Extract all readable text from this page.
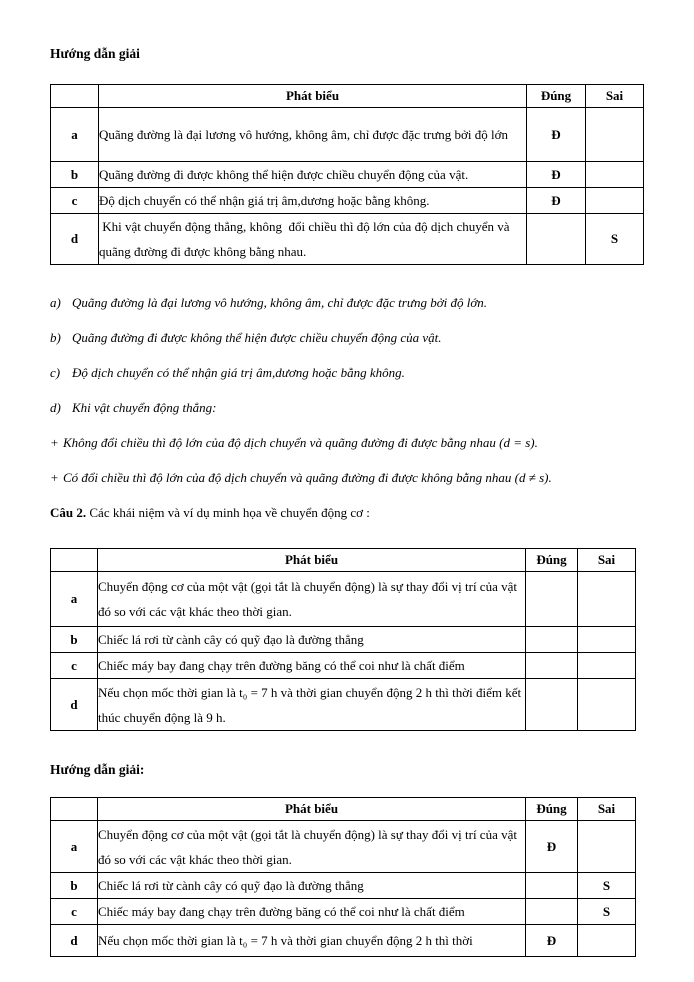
Hướng dẫn giải
	Phát biểu	Đúng	Sai
a	Quãng đường là đại lương vô hướng, không âm, chỉ được đặc trưng bởi độ lớn	Đ	
b	Quãng đường đi được không thể hiện được chiều chuyển động của vật.	Đ	
c	Độ dịch chuyển có thể nhận giá trị âm,dương hoặc bằng không.	Đ	
d	Khi vật chuyển động thẳng, không  đổi chiều thì độ lớn của độ dịch chuyển và quãng đường đi được không bằng nhau.		S
a) Quãng đường là đại lương vô hướng, không âm, chỉ được đặc trưng bởi độ lớn.
b) Quãng đường đi được không thể hiện được chiều chuyển động của vật.
c) Độ dịch chuyển có thể nhận giá trị âm,dương hoặc bằng không.
d) Khi vật chuyển động thẳng:
+ Không đổi chiều thì độ lớn của độ dịch chuyển và quãng đường đi được bằng nhau (d = s).
+ Có đổi chiều thì độ lớn của độ dịch chuyển và quãng đường đi được không bằng nhau (d ≠ s).
Câu 2. Các khái niệm và ví dụ minh họa về chuyển động cơ :
	Phát biểu	Đúng	Sai
a	Chuyển động cơ của một vật (gọi tắt là chuyển động) là sự thay đổi vị trí của vật đó so với các vật khác theo thời gian.		
b	Chiếc lá rơi từ cành cây có quỹ đạo là đường thẳng		
c	Chiếc máy bay đang chạy trên đường băng có thể coi như là chất điểm		
d	Nếu chọn mốc thời gian là t₀ = 7 h và thời gian chuyển động 2 h thì thời điểm kết thúc chuyển động là 9 h.		
Hướng dẫn giải:
	Phát biểu	Đúng	Sai
a	Chuyển động cơ của một vật (gọi tắt là chuyển động) là sự thay đổi vị trí của vật đó so với các vật khác theo thời gian.	Đ	
b	Chiếc lá rơi từ cành cây có quỹ đạo là đường thẳng		S
c	Chiếc máy bay đang chạy trên đường băng có thể coi như là chất điểm		S
d	Nếu chọn mốc thời gian là t₀ = 7 h và thời gian chuyển động 2 h thì thời	Đ	
